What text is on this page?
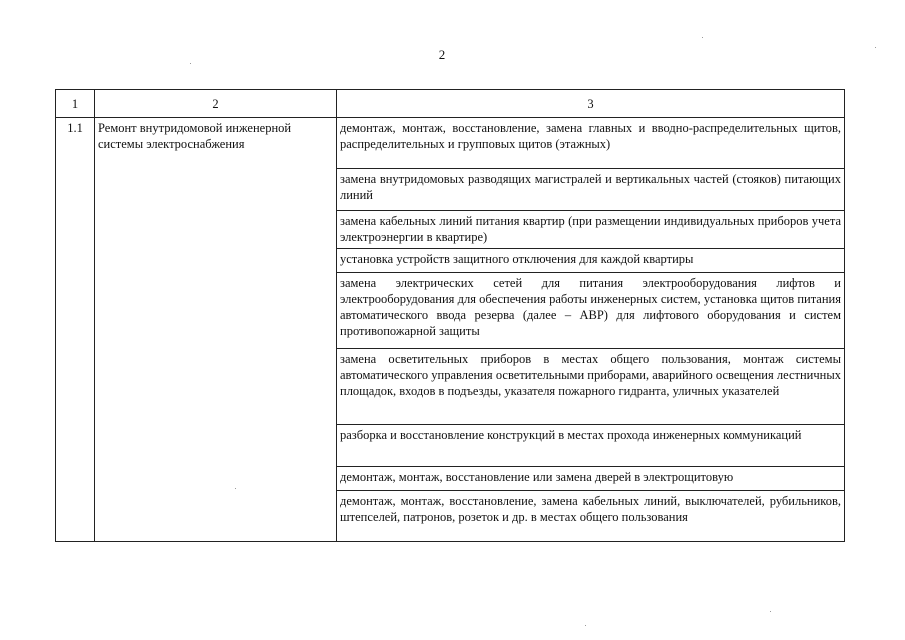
2
1	2	3
1.1	Ремонт внутридомовой инженерной системы электроснабжения	демонтаж, монтаж, восстановление, замена главных и вводно-распределительных щитов, распределительных и групповых щитов (этажных)
		замена внутридомовых разводящих магистралей и вертикальных частей (стояков) питающих линий
		замена кабельных линий питания квартир (при размещении индивидуальных приборов учета электроэнергии в квартире)
		установка устройств защитного отключения для каждой квартиры
		замена электрических сетей для питания электрооборудования лифтов и электрооборудования для обеспечения работы инженерных систем, установка щитов питания автоматического ввода резерва (далее – АВР) для лифтового оборудования и систем противопожарной защиты
		замена осветительных приборов в местах общего пользования, монтаж системы автоматического управления осветительными приборами, аварийного освещения лестничных площадок, входов в подъезды, указателя пожарного гидранта, уличных указателей
		разборка и восстановление конструкций в местах прохода инженерных коммуникаций
		демонтаж, монтаж, восстановление или замена дверей в электрощитовую
		демонтаж, монтаж, восстановление, замена кабельных линий, выключателей, рубильников, штепселей, патронов, розеток и др. в местах общего пользования
